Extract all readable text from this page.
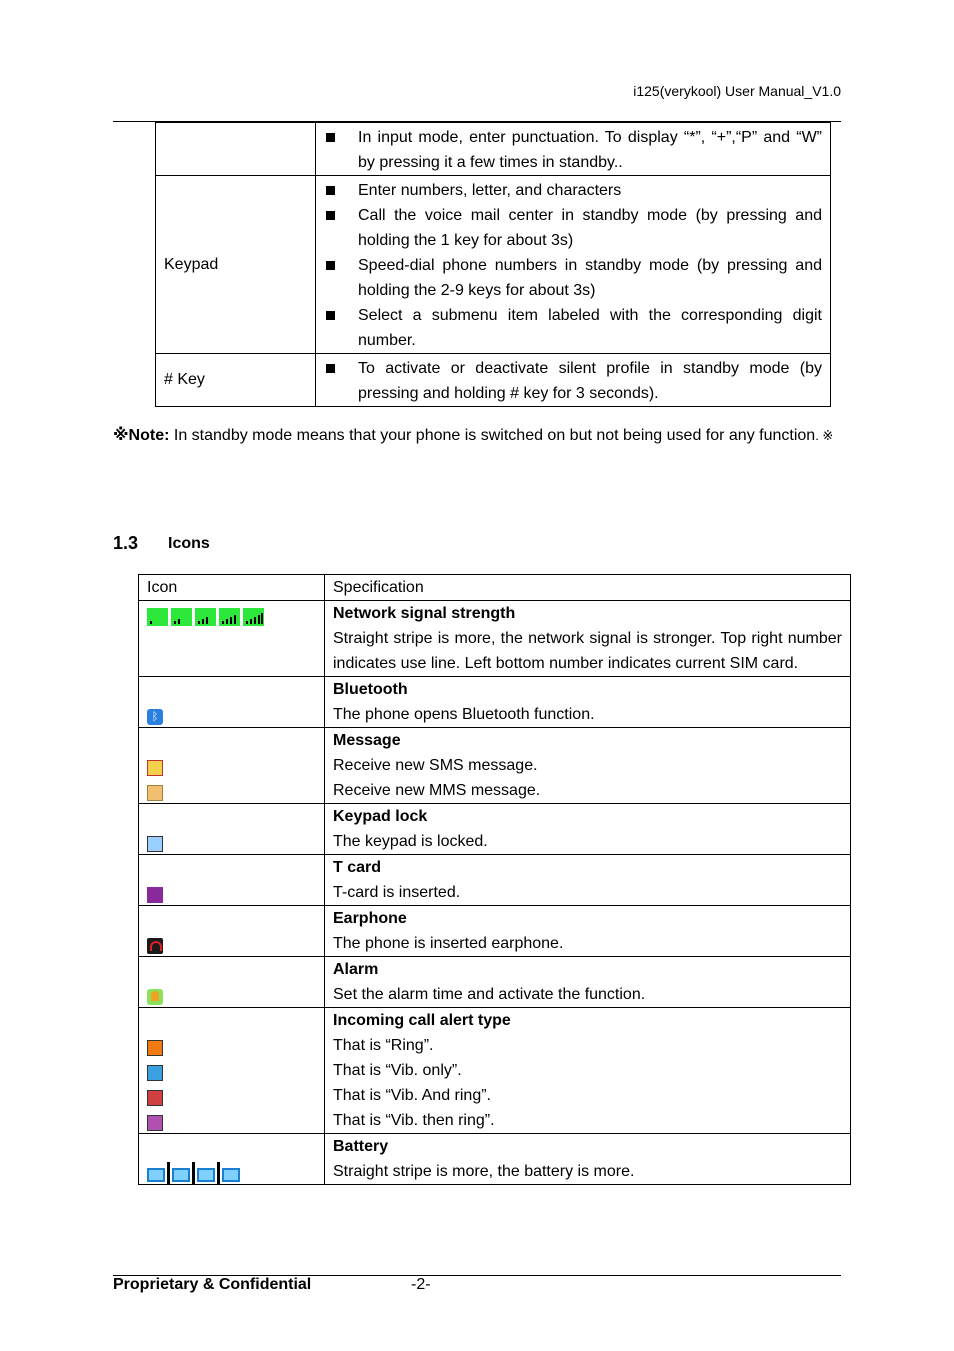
i125(verykool) User Manual_V1.0

	In input mode, enter punctuation. To display “*”, “+”,“P” and “W” by pressing it a few times in standby..

Keypad	Enter numbers, letter, and characters
Call the voice mail center in standby mode (by pressing and holding the 1 key for about 3s)
Speed-dial phone numbers in standby mode (by pressing and holding the 2-9 keys for about 3s)
Select a submenu item labeled with the corresponding digit number.

# Key	To activate or deactivate silent profile in standby mode (by pressing and holding # key for 3 seconds).
※Note: In standby mode means that your phone is switched on but not being used for any function. ※
1.3 Icons
Icon	Specification

	Network signal strength
Straight stripe is more, the network signal is stronger. Top right number indicates use line. Left bottom number indicates current SIM card.

ᛒ	Bluetooth
The phone opens Bluetooth function.

	Message
Receive new SMS message.
Receive new MMS message.

	Keypad lock
The keypad is locked.

	T card
T-card is inserted.

	Earphone
The phone is inserted earphone.

	Alarm
Set the alarm time and activate the function.

	Incoming call alert type
That is “Ring”.
That is “Vib. only”.
That is “Vib. And ring”.
That is “Vib. then ring”.

	Battery
Straight stripe is more, the battery is more.
Proprietary & Confidential	-2-
